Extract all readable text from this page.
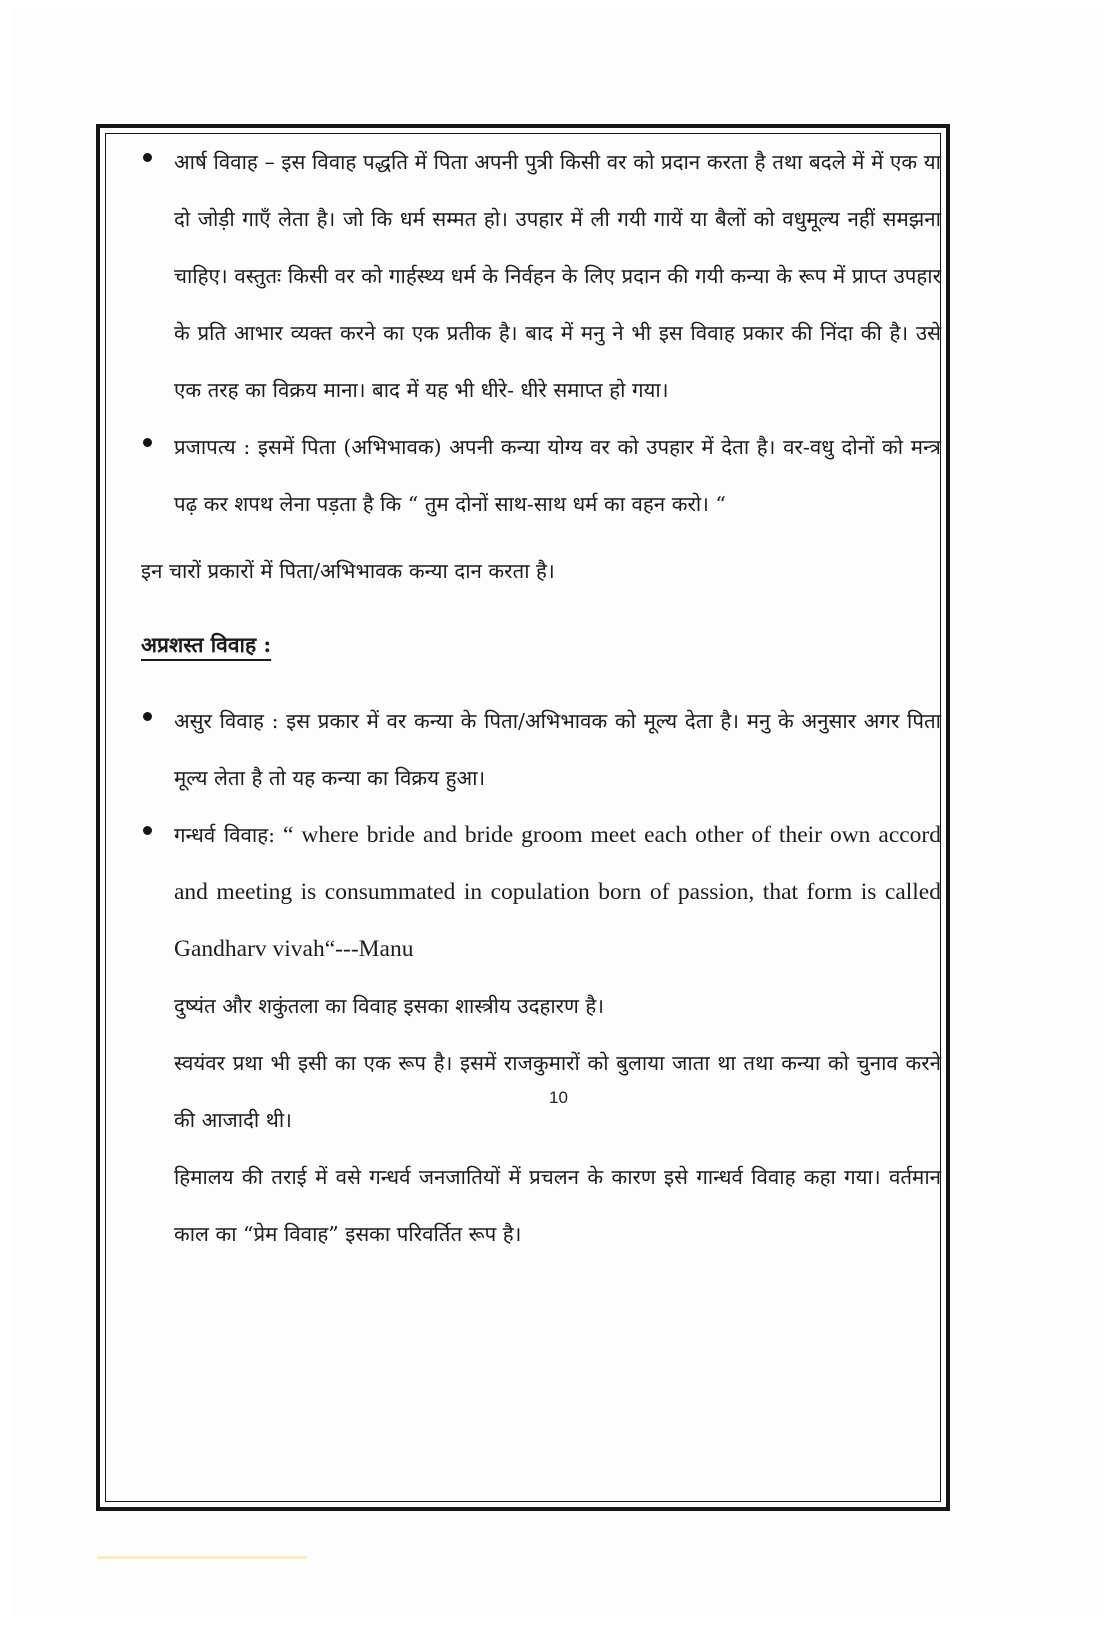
आर्ष विवाह – इस विवाह पद्धति में पिता अपनी पुत्री किसी वर को प्रदान करता है तथा बदले में में एक या दो जोड़ी गाएँ लेता है। जो कि धर्म सम्मत हो। उपहार में ली गयी गायें या बैलों को वधुमूल्य नहीं समझना चाहिए। वस्तुतः किसी वर को गार्हस्थ्य धर्म के निर्वहन के लिए प्रदान की गयी कन्या के रूप में प्राप्त उपहार के प्रति आभार व्यक्त करने का एक प्रतीक है। बाद में मनु ने भी इस विवाह प्रकार की निंदा की है। उसे एक तरह का विक्रय माना। बाद में यह भी धीरे- धीरे समाप्त हो गया।

प्रजापत्य : इसमें पिता (अभिभावक) अपनी कन्या योग्य वर को उपहार में देता है। वर-वधु दोनों को मन्त्र पढ़ कर शपथ लेना पड़ता है कि “ तुम दोनों साथ-साथ धर्म का वहन करो। “

इन चारों प्रकारों में पिता/अभिभावक कन्या दान करता है।

अप्रशस्त विवाह :

असुर विवाह : इस प्रकार में वर कन्या के पिता/अभिभावक को मूल्य देता है। मनु के अनुसार अगर पिता मूल्य लेता है तो यह कन्या का विक्रय हुआ।

गन्धर्व विवाह: “ where bride and bride groom meet each other of their own accord and meeting is consummated in copulation born of passion, that form is called Gandharv vivah“---Manu

दुष्यंत और शकुंतला का विवाह इसका शास्त्रीय उदहारण है।

स्वयंवर प्रथा भी इसी का एक रूप है। इसमें राजकुमारों को बुलाया जाता था तथा कन्या को चुनाव करने की आजादी थी।

हिमालय की तराई में वसे गन्धर्व जनजातियों में प्रचलन के कारण इसे गान्धर्व विवाह कहा गया। वर्तमान काल का “प्रेम विवाह” इसका परिवर्तित रूप है।

10
